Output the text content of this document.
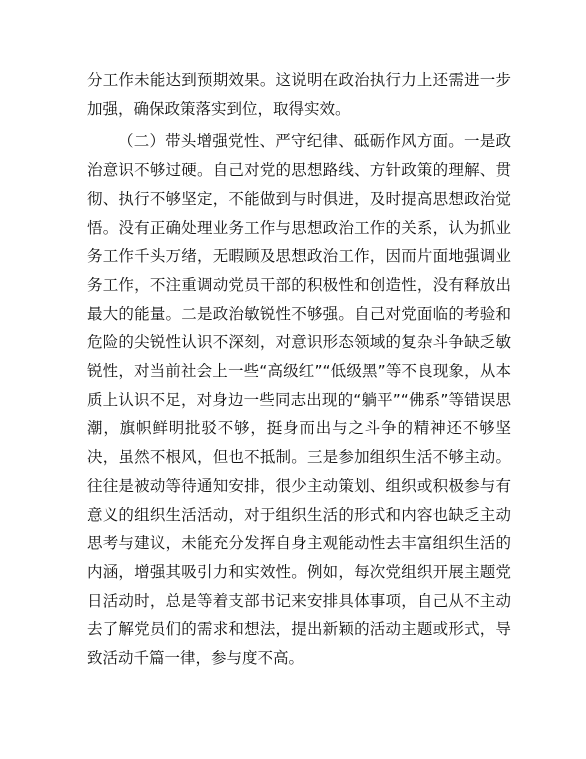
分工作未能达到预期效果。这说明在政治执行力上还需进一步加强，确保政策落实到位，取得实效。

（二）带头增强党性、严守纪律、砥砺作风方面。一是政治意识不够过硬。自己对党的思想路线、方针政策的理解、贯彻、执行不够坚定，不能做到与时俱进，及时提高思想政治觉悟。没有正确处理业务工作与思想政治工作的关系，认为抓业务工作千头万绪，无暇顾及思想政治工作，因而片面地强调业务工作，不注重调动党员干部的积极性和创造性，没有释放出最大的能量。二是政治敏锐性不够强。自己对党面临的考验和危险的尖锐性认识不深刻，对意识形态领域的复杂斗争缺乏敏锐性，对当前社会上一些“高级红”“低级黑”等不良现象，从本质上认识不足，对身边一些同志出现的“躺平”“佛系”等错误思潮，旗帜鲜明批驳不够，挺身而出与之斗争的精神还不够坚决，虽然不根风，但也不抵制。三是参加组织生活不够主动。往往是被动等待通知安排，很少主动策划、组织或积极参与有意义的组织生活活动，对于组织生活的形式和内容也缺乏主动思考与建议，未能充分发挥自身主观能动性去丰富组织生活的内涵，增强其吸引力和实效性。例如，每次党组织开展主题党日活动时，总是等着支部书记来安排具体事项，自己从不主动去了解党员们的需求和想法，提出新颖的活动主题或形式，导致活动千篇一律，参与度不高。
